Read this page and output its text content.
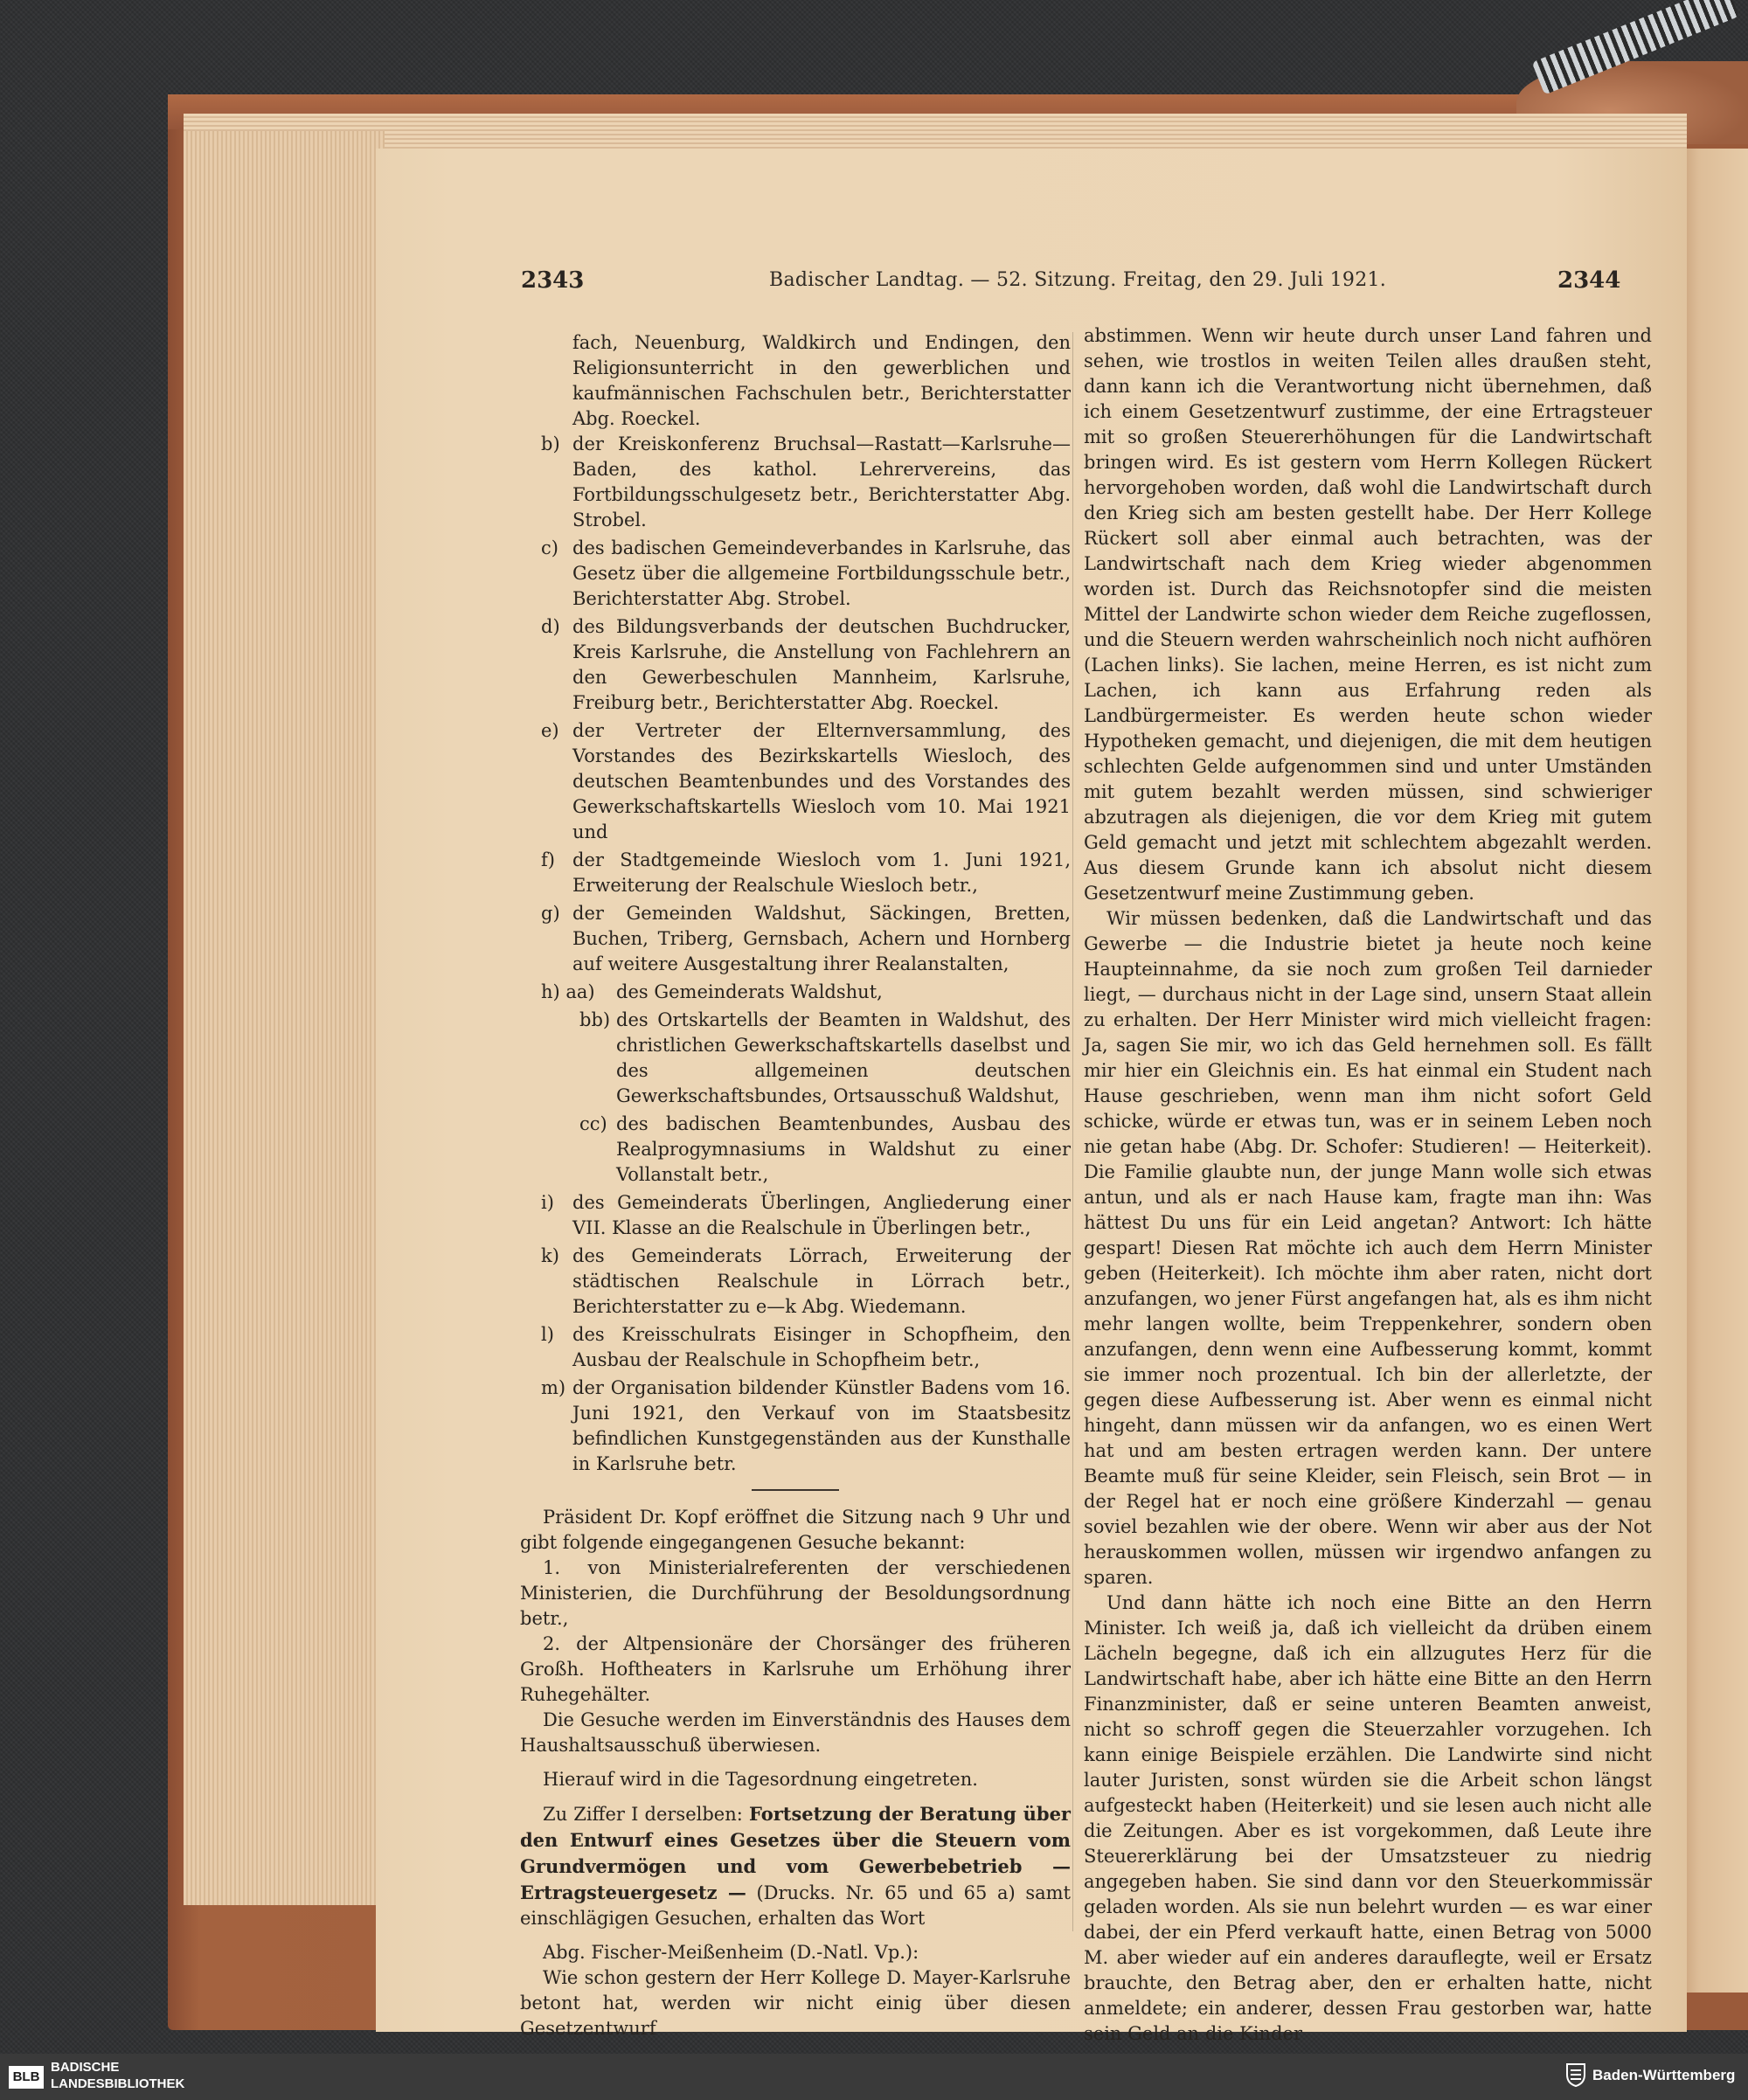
2343	Badischer Landtag. — 52. Sitzung. Freitag, den 29. Juli 1921.	2344

fach, Neuenburg, Waldkirch und Endingen, den Religionsunterricht in den gewerblichen und kaufmännischen Fachschulen betr., Berichterstatter Abg. Roeckel.

b) der Kreiskonferenz Bruchsal—Rastatt—Karlsruhe—Baden, des kathol. Lehrervereins, das Fortbildungsschulgesetz betr., Berichterstatter Abg. Strobel.
c) des badischen Gemeindeverbandes in Karlsruhe, das Gesetz über die allgemeine Fortbildungsschule betr., Berichterstatter Abg. Strobel.
d) des Bildungsverbands der deutschen Buchdrucker, Kreis Karlsruhe, die Anstellung von Fachlehrern an den Gewerbeschulen Mannheim, Karlsruhe, Freiburg betr., Berichterstatter Abg. Roeckel.
e) der Vertreter der Elternversammlung, des Vorstandes des Bezirkskartells Wiesloch, des deutschen Beamtenbundes und des Vorstandes des Gewerkschaftskartells Wiesloch vom 10. Mai 1921 und
f) der Stadtgemeinde Wiesloch vom 1. Juni 1921, Erweiterung der Realschule Wiesloch betr.,
g) der Gemeinden Waldshut, Säckingen, Bretten, Buchen, Triberg, Gernsbach, Achern und Hornberg auf weitere Ausgestaltung ihrer Realanstalten,
h) aa) des Gemeinderats Waldshut,
bb) des Ortskartells der Beamten in Waldshut, des christlichen Gewerkschaftskartells daselbst und des allgemeinen deutschen Gewerkschaftsbundes, Ortsausschuß Waldshut,
cc) des badischen Beamtenbundes, Ausbau des Realprogymnasiums in Waldshut zu einer Vollanstalt betr.,
i) des Gemeinderats Überlingen, Angliederung einer VII. Klasse an die Realschule in Überlingen betr.,
k) des Gemeinderats Lörrach, Erweiterung der städtischen Realschule in Lörrach betr., Berichterstatter zu e—k Abg. Wiedemann.
l) des Kreisschulrats Eisinger in Schopfheim, den Ausbau der Realschule in Schopfheim betr.,
m) der Organisation bildender Künstler Badens vom 16. Juni 1921, den Verkauf von im Staatsbesitz befindlichen Kunstgegenständen aus der Kunsthalle in Karlsruhe betr.

Präsident Dr. Kopf eröffnet die Sitzung nach 9 Uhr und gibt folgende eingegangenen Gesuche bekannt:

1. von Ministerialreferenten der verschiedenen Ministerien, die Durchführung der Besoldungsordnung betr.,

2. der Altpensionäre der Chorsänger des früheren Großh. Hoftheaters in Karlsruhe um Erhöhung ihrer Ruhegehälter.

Die Gesuche werden im Einverständnis des Hauses dem Haushaltsausschuß überwiesen.

Hierauf wird in die Tagesordnung eingetreten.

Zu Ziffer I derselben: Fortsetzung der Beratung über den Entwurf eines Gesetzes über die Steuern vom Grundvermögen und vom Gewerbebetrieb — Ertragsteuergesetz — (Drucks. Nr. 65 und 65 a) samt einschlägigen Gesuchen, erhalten das Wort

Abg. Fischer-Meißenheim (D.-Natl. Vp.):

Wie schon gestern der Herr Kollege D. Mayer-Karlsruhe betont hat, werden wir nicht einig über diesen Gesetzentwurf

abstimmen. Wenn wir heute durch unser Land fahren und sehen, wie trostlos in weiten Teilen alles draußen steht, dann kann ich die Verantwortung nicht übernehmen, daß ich einem Gesetzentwurf zustimme, der eine Ertragsteuer mit so großen Steuererhöhungen für die Landwirtschaft bringen wird. Es ist gestern vom Herrn Kollegen Rückert hervorgehoben worden, daß wohl die Landwirtschaft durch den Krieg sich am besten gestellt habe. Der Herr Kollege Rückert soll aber einmal auch betrachten, was der Landwirtschaft nach dem Krieg wieder abgenommen worden ist. Durch das Reichsnotopfer sind die meisten Mittel der Landwirte schon wieder dem Reiche zugeflossen, und die Steuern werden wahrscheinlich noch nicht aufhören (Lachen links). Sie lachen, meine Herren, es ist nicht zum Lachen, ich kann aus Erfahrung reden als Landbürgermeister. Es werden heute schon wieder Hypotheken gemacht, und diejenigen, die mit dem heutigen schlechten Gelde aufgenommen sind und unter Umständen mit gutem bezahlt werden müssen, sind schwieriger abzutragen als diejenigen, die vor dem Krieg mit gutem Geld gemacht und jetzt mit schlechtem abgezahlt werden. Aus diesem Grunde kann ich absolut nicht diesem Gesetzentwurf meine Zustimmung geben.

Wir müssen bedenken, daß die Landwirtschaft und das Gewerbe — die Industrie bietet ja heute noch keine Haupteinnahme, da sie noch zum großen Teil darnieder liegt, — durchaus nicht in der Lage sind, unsern Staat allein zu erhalten. Der Herr Minister wird mich vielleicht fragen: Ja, sagen Sie mir, wo ich das Geld hernehmen soll. Es fällt mir hier ein Gleichnis ein. Es hat einmal ein Student nach Hause geschrieben, wenn man ihm nicht sofort Geld schicke, würde er etwas tun, was er in seinem Leben noch nie getan habe (Abg. Dr. Schofer: Studieren! — Heiterkeit). Die Familie glaubte nun, der junge Mann wolle sich etwas antun, und als er nach Hause kam, fragte man ihn: Was hättest Du uns für ein Leid angetan? Antwort: Ich hätte gespart! Diesen Rat möchte ich auch dem Herrn Minister geben (Heiterkeit). Ich möchte ihm aber raten, nicht dort anzufangen, wo jener Fürst angefangen hat, als es ihm nicht mehr langen wollte, beim Treppenkehrer, sondern oben anzufangen, denn wenn eine Aufbesserung kommt, kommt sie immer noch prozentual. Ich bin der allerletzte, der gegen diese Aufbesserung ist. Aber wenn es einmal nicht hingeht, dann müssen wir da anfangen, wo es einen Wert hat und am besten ertragen werden kann. Der untere Beamte muß für seine Kleider, sein Fleisch, sein Brot — in der Regel hat er noch eine größere Kinderzahl — genau soviel bezahlen wie der obere. Wenn wir aber aus der Not herauskommen wollen, müssen wir irgendwo anfangen zu sparen.

Und dann hätte ich noch eine Bitte an den Herrn Minister. Ich weiß ja, daß ich vielleicht da drüben einem Lächeln begegne, daß ich ein allzugutes Herz für die Landwirtschaft habe, aber ich hätte eine Bitte an den Herrn Finanzminister, daß er seine unteren Beamten anweist, nicht so schroff gegen die Steuerzahler vorzugehen. Ich kann einige Beispiele erzählen. Die Landwirte sind nicht lauter Juristen, sonst würden sie die Arbeit schon längst aufgesteckt haben (Heiterkeit) und sie lesen auch nicht alle die Zeitungen. Aber es ist vorgekommen, daß Leute ihre Steuererklärung bei der Umsatzsteuer zu niedrig angegeben haben. Sie sind dann vor den Steuerkommissär geladen worden. Als sie nun belehrt wurden — es war einer dabei, der ein Pferd verkauft hatte, einen Betrag von 5000 M. aber wieder auf ein anderes darauflegte, weil er Ersatz brauchte, den Betrag aber, den er erhalten hatte, nicht anmeldete; ein anderer, dessen Frau gestorben war, hatte sein Geld an die Kinder

BLB
BADISCHE
LANDESBIBLIOTHEK
Baden-Württemberg
